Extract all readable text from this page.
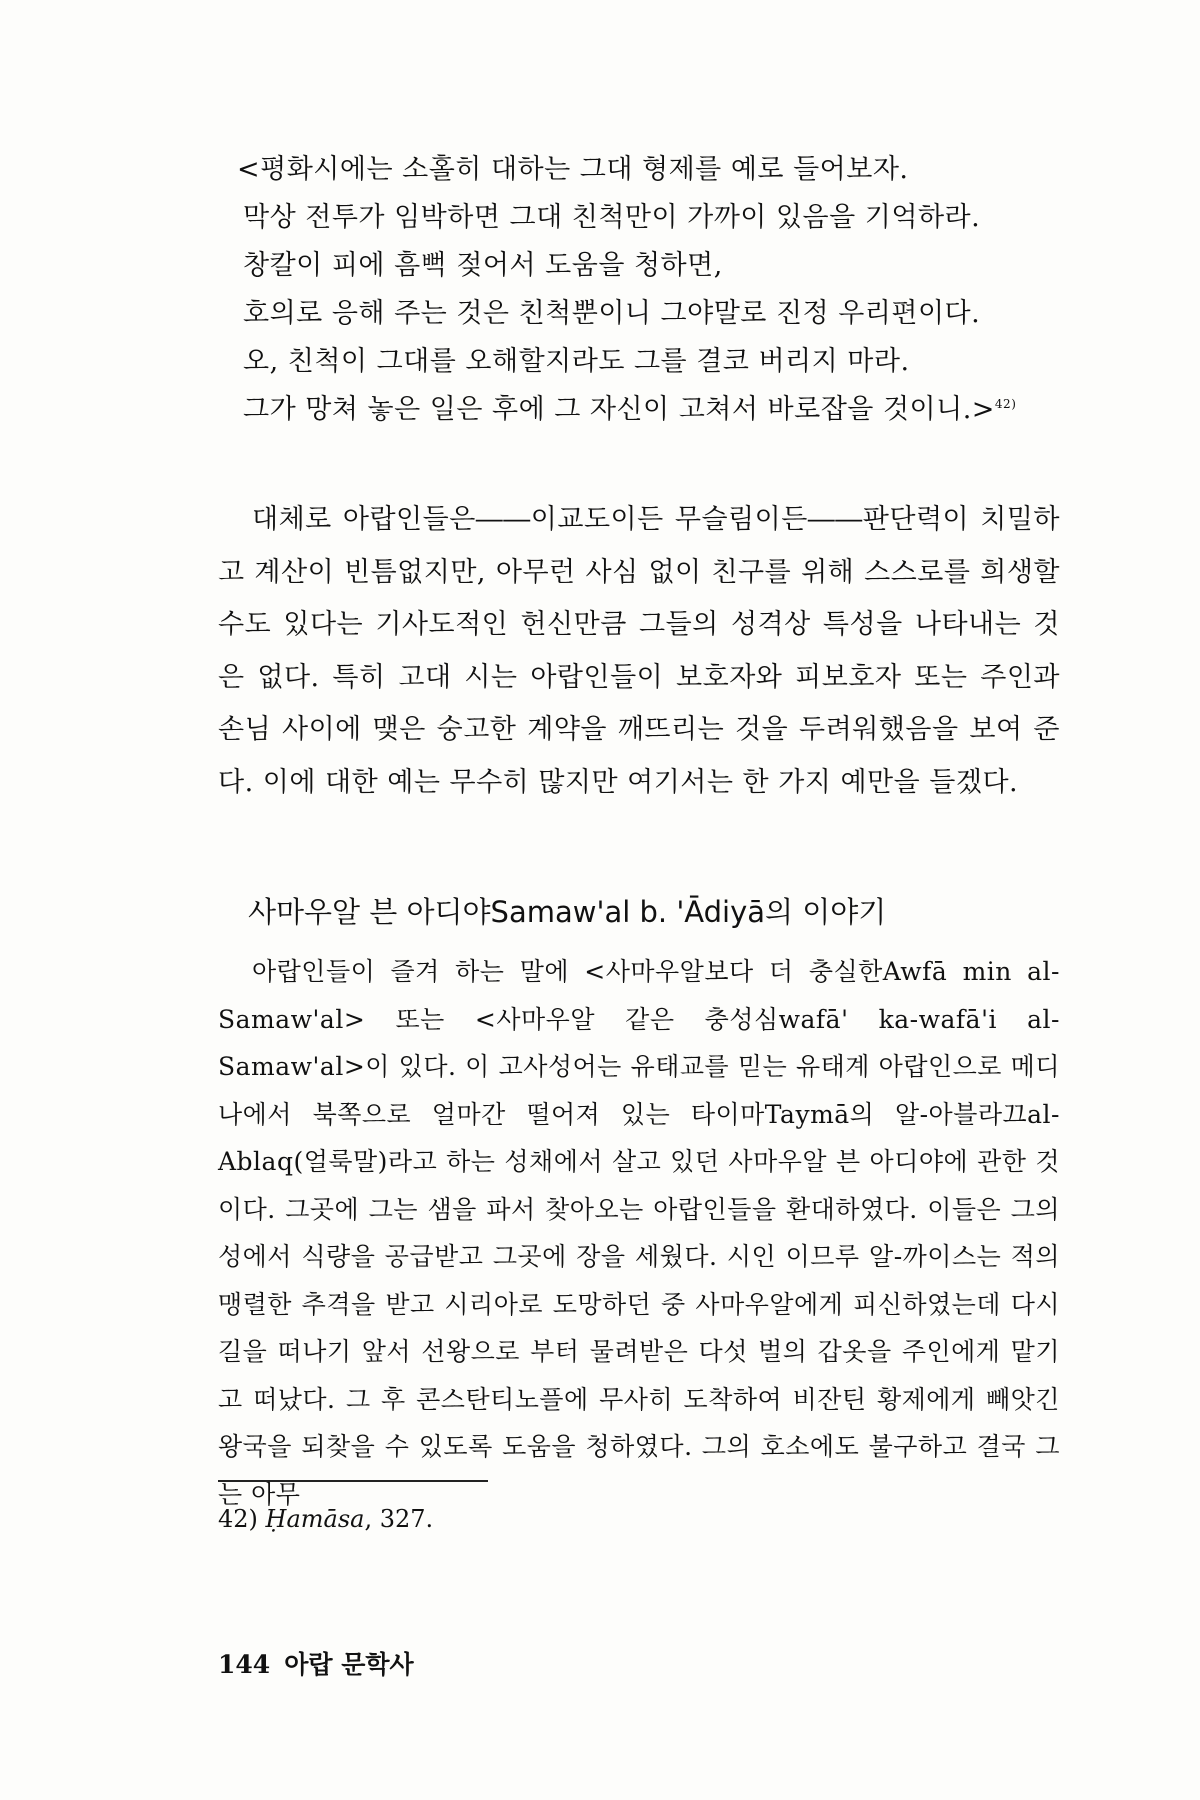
<평화시에는 소홀히 대하는 그대 형제를 예로 들어보자.
막상 전투가 임박하면 그대 친척만이 가까이 있음을 기억하라.
창칼이 피에 흠뻑 젖어서 도움을 청하면,
호의로 응해 주는 것은 친척뿐이니 그야말로 진정 우리편이다.
오, 친척이 그대를 오해할지라도 그를 결코 버리지 마라.
그가 망쳐 놓은 일은 후에 그 자신이 고쳐서 바로잡을 것이니.>$^{42)}$
대체로 아랍인들은――이교도이든 무슬림이든――판단력이 치밀하고 계산이 빈틈없지만, 아무런 사심 없이 친구를 위해 스스로를 희생할 수도 있다는 기사도적인 헌신만큼 그들의 성격상 특성을 나타내는 것은 없다. 특히 고대 시는 아랍인들이 보호자와 피보호자 또는 주인과 손님 사이에 맺은 숭고한 계약을 깨뜨리는 것을 두려워했음을 보여 준다. 이에 대한 예는 무수히 많지만 여기서는 한 가지 예만을 들겠다.
사마우알 븐 아디야Samaw'al b. 'Ādiyā의 이야기
아랍인들이 즐겨 하는 말에 <사마우알보다 더 충실한Awfā min al-Samaw'al> 또는 <사마우알 같은 충성심wafā' ka-wafā'i al-Samaw'al>이 있다. 이 고사성어는 유태교를 믿는 유태계 아랍인으로 메디나에서 북쪽으로 얼마간 떨어져 있는 타이마Taymā의 알-아블라끄al-Ablaq(얼룩말)라고 하는 성채에서 살고 있던 사마우알 븐 아디야에 관한 것이다. 그곳에 그는 샘을 파서 찾아오는 아랍인들을 환대하였다. 이들은 그의 성에서 식량을 공급받고 그곳에 장을 세웠다. 시인 이므루 알-까이스는 적의 맹렬한 추격을 받고 시리아로 도망하던 중 사마우알에게 피신하였는데 다시 길을 떠나기 앞서 선왕으로 부터 물려받은 다섯 벌의 갑옷을 주인에게 맡기고 떠났다. 그 후 콘스탄티노플에 무사히 도착하여 비잔틴 황제에게 빼앗긴 왕국을 되찾을 수 있도록 도움을 청하였다. 그의 호소에도 불구하고 결국 그는 아무
42) Ḥamāsa, 327.
144 아랍 문학사
